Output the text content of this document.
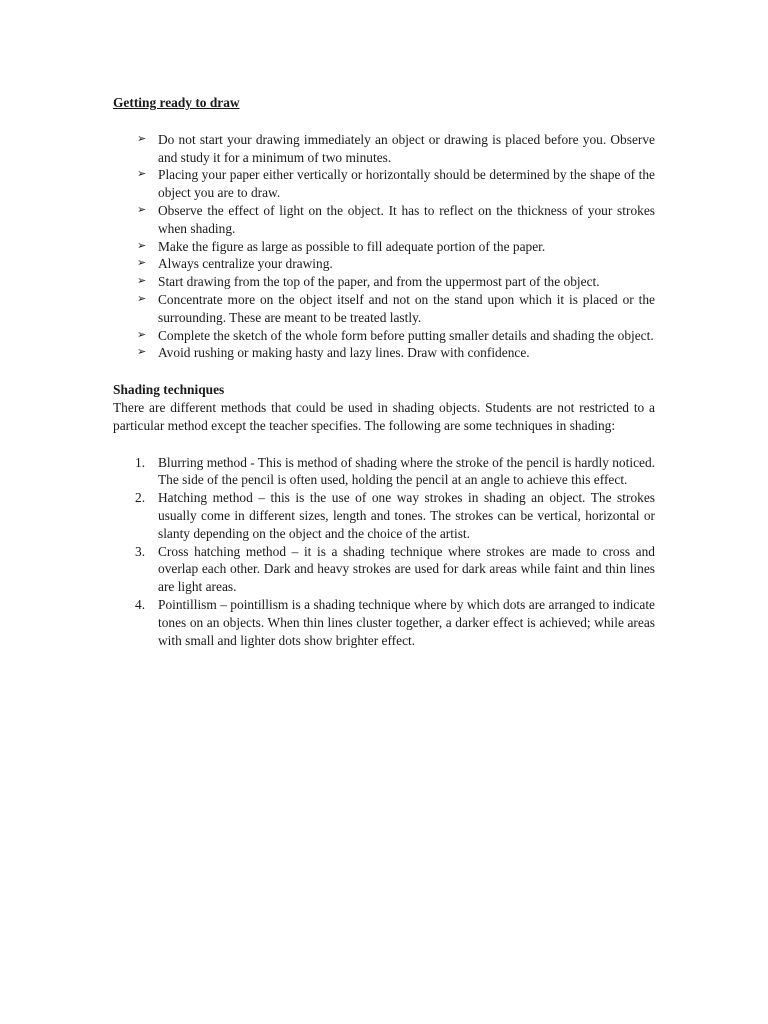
Getting ready to draw

➢ Do not start your drawing immediately an object or drawing is placed before you. Observe and study it for a minimum of two minutes.
➢ Placing your paper either vertically or horizontally should be determined by the shape of the object you are to draw.
➢ Observe the effect of light on the object. It has to reflect on the thickness of your strokes when shading.
➢ Make the figure as large as possible to fill adequate portion of the paper.
➢ Always centralize your drawing.
➢ Start drawing from the top of the paper, and from the uppermost part of the object.
➢ Concentrate more on the object itself and not on the stand upon which it is placed or the surrounding. These are meant to be treated lastly.
➢ Complete the sketch of the whole form before putting smaller details and shading the object.
➢ Avoid rushing or making hasty and lazy lines. Draw with confidence.

Shading techniques

There are different methods that could be used in shading objects. Students are not restricted to a particular method except the teacher specifies. The following are some techniques in shading:

1. Blurring method - This is method of shading where the stroke of the pencil is hardly noticed. The side of the pencil is often used, holding the pencil at an angle to achieve this effect.
2. Hatching method – this is the use of one way strokes in shading an object. The strokes usually come in different sizes, length and tones. The strokes can be vertical, horizontal or slanty depending on the object and the choice of the artist.
3. Cross hatching method – it is a shading technique where strokes are made to cross and overlap each other. Dark and heavy strokes are used for dark areas while faint and thin lines are light areas.
4. Pointillism – pointillism is a shading technique where by which dots are arranged to indicate tones on an objects. When thin lines cluster together, a darker effect is achieved; while areas with small and lighter dots show brighter effect.
